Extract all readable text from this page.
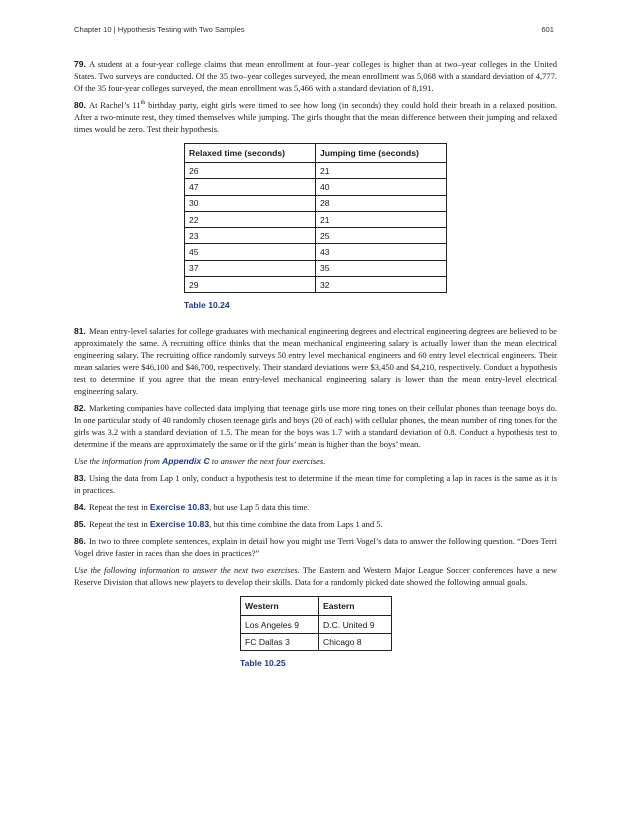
Chapter 10 | Hypothesis Testing with Two Samples	601

79. A student at a four-year college claims that mean enrollment at four–year colleges is higher than at two–year colleges in the United States. Two surveys are conducted. Of the 35 two–year colleges surveyed, the mean enrollment was 5,068 with a standard deviation of 4,777. Of the 35 four-year colleges surveyed, the mean enrollment was 5,466 with a standard deviation of 8,191.

80. At Rachel’s 11th birthday party, eight girls were timed to see how long (in seconds) they could hold their breath in a relaxed position. After a two-minute rest, they timed themselves while jumping. The girls thought that the mean difference between their jumping and relaxed times would be zero. Test their hypothesis.

Relaxed time (seconds)	Jumping time (seconds)
26	21
47	40
30	28
22	21
23	25
45	43
37	35
29	32
Table 10.24

81. Mean entry-level salaries for college graduates with mechanical engineering degrees and electrical engineering degrees are believed to be approximately the same. A recruiting office thinks that the mean mechanical engineering salary is actually lower than the mean electrical engineering salary. The recruiting office randomly surveys 50 entry level mechanical engineers and 60 entry level electrical engineers. Their mean salaries were $46,100 and $46,700, respectively. Their standard deviations were $3,450 and $4,210, respectively. Conduct a hypothesis test to determine if you agree that the mean entry-level mechanical engineering salary is lower than the mean entry-level electrical engineering salary.

82. Marketing companies have collected data implying that teenage girls use more ring tones on their cellular phones than teenage boys do. In one particular study of 40 randomly chosen teenage girls and boys (20 of each) with cellular phones, the mean number of ring tones for the girls was 3.2 with a standard deviation of 1.5. The mean for the boys was 1.7 with a standard deviation of 0.8. Conduct a hypothesis test to determine if the means are approximately the same or if the girls’ mean is higher than the boys’ mean.

Use the information from Appendix C to answer the next four exercises.

83. Using the data from Lap 1 only, conduct a hypothesis test to determine if the mean time for completing a lap in races is the same as it is in practices.

84. Repeat the test in Exercise 10.83, but use Lap 5 data this time.

85. Repeat the test in Exercise 10.83, but this time combine the data from Laps 1 and 5.

86. In two to three complete sentences, explain in detail how you might use Terri Vogel’s data to answer the following question. “Does Terri Vogel drive faster in races than she does in practices?”

Use the following information to answer the next two exercises. The Eastern and Western Major League Soccer conferences have a new Reserve Division that allows new players to develop their skills. Data for a randomly picked date showed the following annual goals.

Western	Eastern
Los Angeles 9	D.C. United 9
FC Dallas 3	Chicago 8
Table 10.25
